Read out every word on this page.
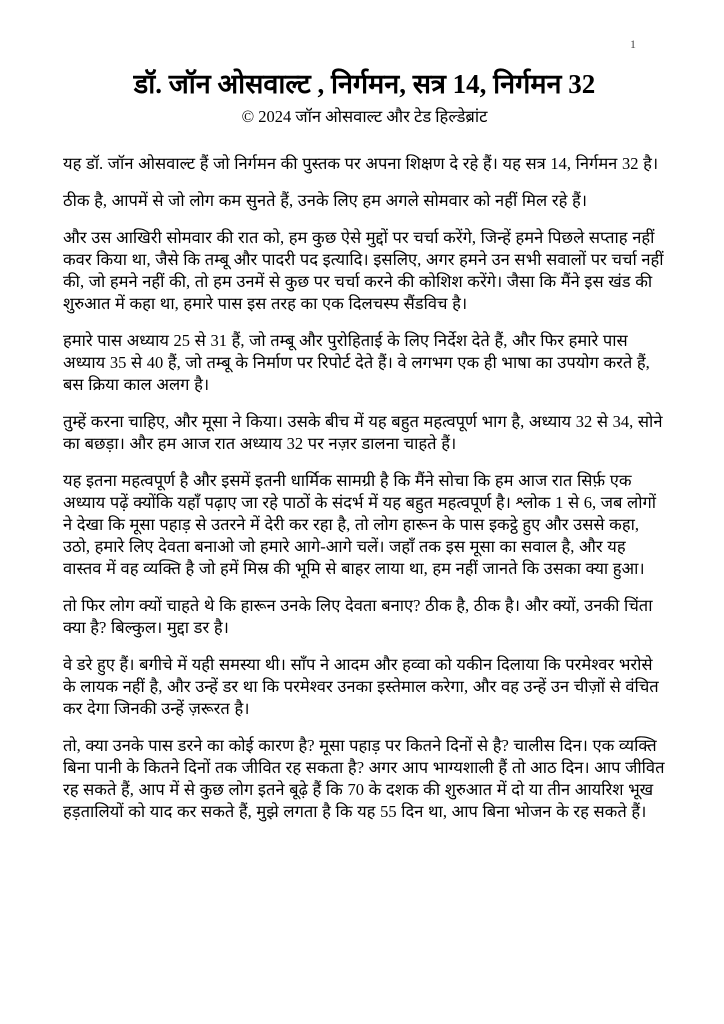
1
डॉ. जॉन ओसवाल्ट , निर्गमन, सत्र 14, निर्गमन 32
© 2024 जॉन ओसवाल्ट और टेड हिल्डेब्रांट

यह डॉ. जॉन ओसवाल्ट हैं जो निर्गमन की पुस्तक पर अपना शिक्षण दे रहे हैं। यह सत्र 14, निर्गमन 32 है।

ठीक है, आपमें से जो लोग कम सुनते हैं, उनके लिए हम अगले सोमवार को नहीं मिल रहे हैं।

और उस आखिरी सोमवार की रात को, हम कुछ ऐसे मुद्दों पर चर्चा करेंगे, जिन्हें हमने पिछले सप्ताह नहीं कवर किया था, जैसे कि तम्बू और पादरी पद इत्यादि। इसलिए, अगर हमने उन सभी सवालों पर चर्चा नहीं की, जो हमने नहीं की, तो हम उनमें से कुछ पर चर्चा करने की कोशिश करेंगे। जैसा कि मैंने इस खंड की शुरुआत में कहा था, हमारे पास इस तरह का एक दिलचस्प सैंडविच है।

हमारे पास अध्याय 25 से 31 हैं, जो तम्बू और पुरोहिताई के लिए निर्देश देते हैं, और फिर हमारे पास अध्याय 35 से 40 हैं, जो तम्बू के निर्माण पर रिपोर्ट देते हैं। वे लगभग एक ही भाषा का उपयोग करते हैं, बस क्रिया काल अलग है।

तुम्हें करना चाहिए, और मूसा ने किया। उसके बीच में यह बहुत महत्वपूर्ण भाग है, अध्याय 32 से 34, सोने का बछड़ा। और हम आज रात अध्याय 32 पर नज़र डालना चाहते हैं।

यह इतना महत्वपूर्ण है और इसमें इतनी धार्मिक सामग्री है कि मैंने सोचा कि हम आज रात सिर्फ़ एक अध्याय पढ़ें क्योंकि यहाँ पढ़ाए जा रहे पाठों के संदर्भ में यह बहुत महत्वपूर्ण है। श्लोक 1 से 6, जब लोगों ने देखा कि मूसा पहाड़ से उतरने में देरी कर रहा है, तो लोग हारून के पास इकट्ठे हुए और उससे कहा, उठो, हमारे लिए देवता बनाओ जो हमारे आगे-आगे चलें। जहाँ तक इस मूसा का सवाल है, और यह वास्तव में वह व्यक्ति है जो हमें मिस्र की भूमि से बाहर लाया था, हम नहीं जानते कि उसका क्या हुआ।

तो फिर लोग क्यों चाहते थे कि हारून उनके लिए देवता बनाए? ठीक है, ठीक है। और क्यों, उनकी चिंता क्या है? बिल्कुल। मुद्दा डर है।

वे डरे हुए हैं। बगीचे में यही समस्या थी। साँप ने आदम और हव्वा को यकीन दिलाया कि परमेश्वर भरोसे के लायक नहीं है, और उन्हें डर था कि परमेश्वर उनका इस्तेमाल करेगा, और वह उन्हें उन चीज़ों से वंचित कर देगा जिनकी उन्हें ज़रूरत है।

तो, क्या उनके पास डरने का कोई कारण है? मूसा पहाड़ पर कितने दिनों से है? चालीस दिन। एक व्यक्ति बिना पानी के कितने दिनों तक जीवित रह सकता है? अगर आप भाग्यशाली हैं तो आठ दिन। आप जीवित रह सकते हैं, आप में से कुछ लोग इतने बूढ़े हैं कि 70 के दशक की शुरुआत में दो या तीन आयरिश भूख हड़तालियों को याद कर सकते हैं, मुझे लगता है कि यह 55 दिन था, आप बिना भोजन के रह सकते हैं।
